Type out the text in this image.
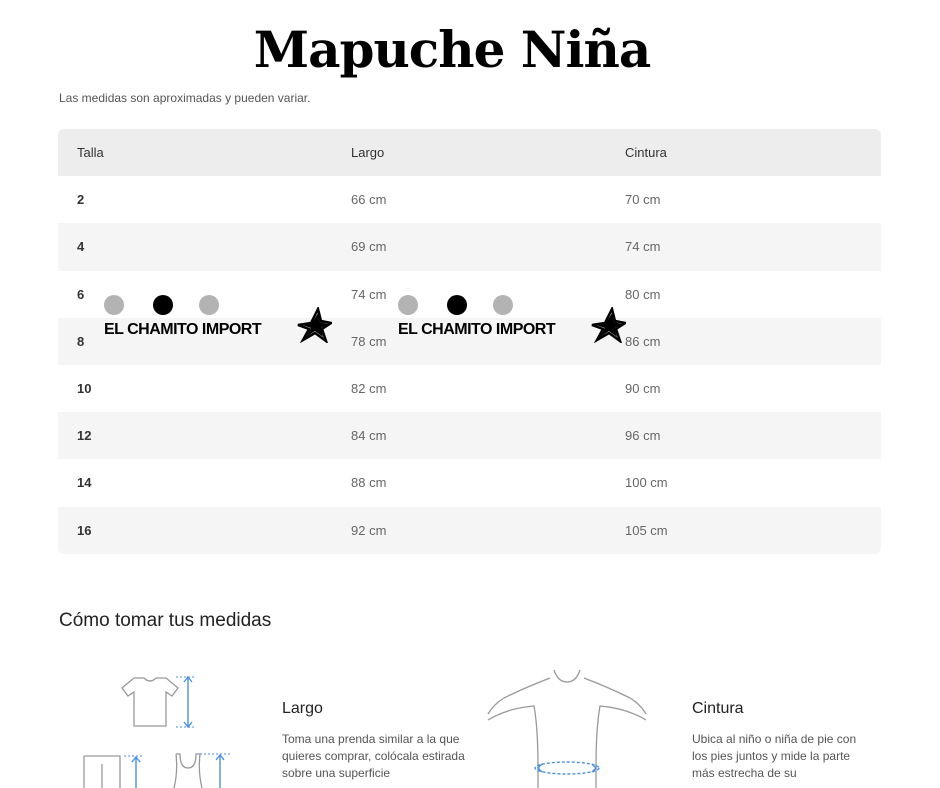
Mapuche Niña
Las medidas son aproximadas y pueden variar.
Talla	Largo	Cintura
2	66 cm	70 cm
4	69 cm	74 cm
6	74 cm	80 cm
8	78 cm	86 cm
10	82 cm	90 cm
12	84 cm	96 cm
14	88 cm	100 cm
16	92 cm	105 cm
EL CHAMITO IMPORT	EL CHAMITO IMPORT
Cómo tomar tus medidas
Largo
Toma una prenda similar a la que quieres comprar, colócala estirada sobre una superficie
Cintura
Ubica al niño o niña de pie con los pies juntos y mide la parte más estrecha de su
